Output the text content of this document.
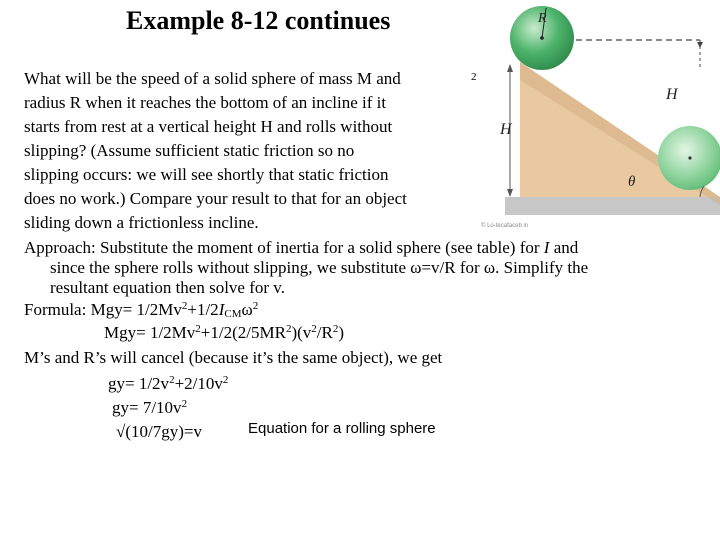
Example 8-12 continues
What will be the speed of a solid sphere of mass M and
radius R when it reaches the bottom of an incline if it
starts from rest at a vertical height H and rolls without
slipping? (Assume sufficient static friction so no
slipping occurs: we will see shortly that static friction
does no work.) Compare your result to that for an object
sliding down a frictionless incline.
Approach: Substitute the moment of inertia for a solid sphere (see table) for I and
since the sphere rolls without slipping, we substitute ω=v/R for ω. Simplify the
resultant equation then solve for v.
Formula: $Mgy= 1/2Mv^2+1/2I_{CM}\omega^2$
$Mgy= 1/2Mv^2+1/2(2/5MR^2)(v^2/R^2)$
M’s and R’s will cancel (because it’s the same object), we get
$gy= 1/2v^2+2/10v^2$
$gy= 7/10v^2$
√(10/7gy)=v	Equation for a rolling sphere
R
H
H
θ
2
© Lo-tecafaceb in
